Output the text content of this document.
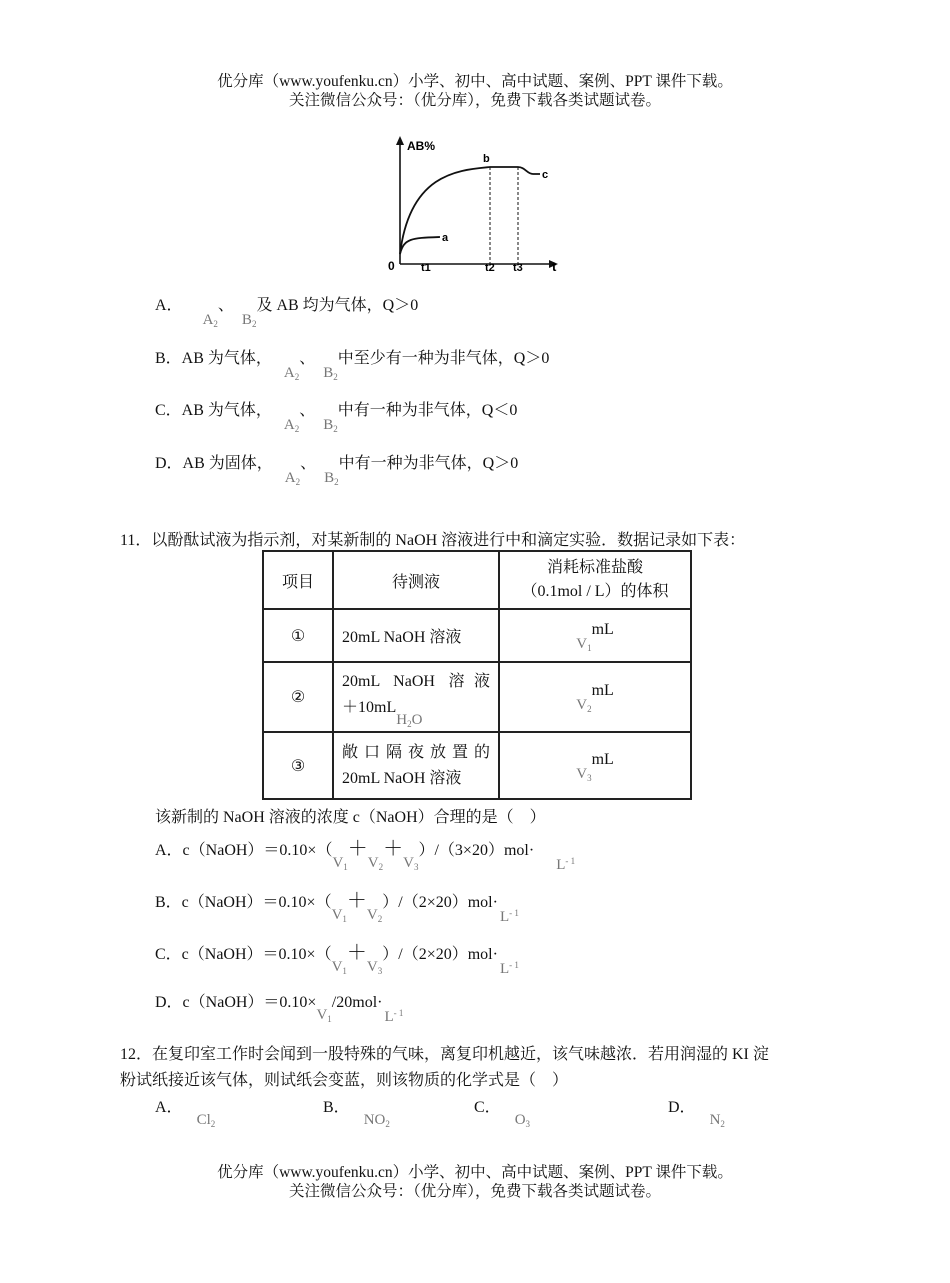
优分库（www.youfenku.cn）小学、初中、高中试题、案例、PPT 课件下载。
关注微信公众号：（优分库），免费下载各类试题试卷。
AB%
a
b
c
0 t1	t2 t3 t
A．$A_2$、$B_2$及 AB 均为气体，Q＞0
B．AB 为气体，$A_2$、$B_2$中至少有一种为非气体，Q＞0
C．AB 为气体，$A_2$、$B_2$中有一种为非气体，Q＜0
D．AB 为固体，$A_2$、$B_2$中有一种为非气体，Q＞0
11．以酚酞试液为指示剂，对某新制的 NaOH 溶液进行中和滴定实验．数据记录如下表：
项目	待测液	消耗标准盐酸
（0.1mol / L）的体积

①	20mL NaOH 溶液	$V_1mL$
②	20mL NaOH 溶液
＋10mLH$_2$O	$V_2mL$
③	敞口隔夜放置的
20mL NaOH 溶液	$V_3mL$
该新制的 NaOH 溶液的浓度 c（NaOH）合理的是（　）
A．$c(NaOH)=0.10\times(V_1+V_2+V_3)/(3\times 20)mol\cdot L^{- 1}$
B．$c(NaOH)=0.10\times(V_1+V_2)/(2\times 20)mol\cdot L^{- 1}$
C．$c(NaOH)=0.10\times(V_1+V_3)/(2\times 20)mol\cdot L^{- 1}$
D．$c(NaOH)=0.10\times V_1/20mol\cdot L^{- 1}$
12．在复印室工作时会闻到一股特殊的气味，离复印机越近，该气味越浓．若用润湿的 KI 淀
粉试纸接近该气体，则试纸会变蓝，则该物质的化学式是（　）
A．$Cl_2$
B．$NO_2$
C．$O_3$
D．$N_2$
优分库（www.youfenku.cn）小学、初中、高中试题、案例、PPT 课件下载。
关注微信公众号：（优分库），免费下载各类试题试卷。
